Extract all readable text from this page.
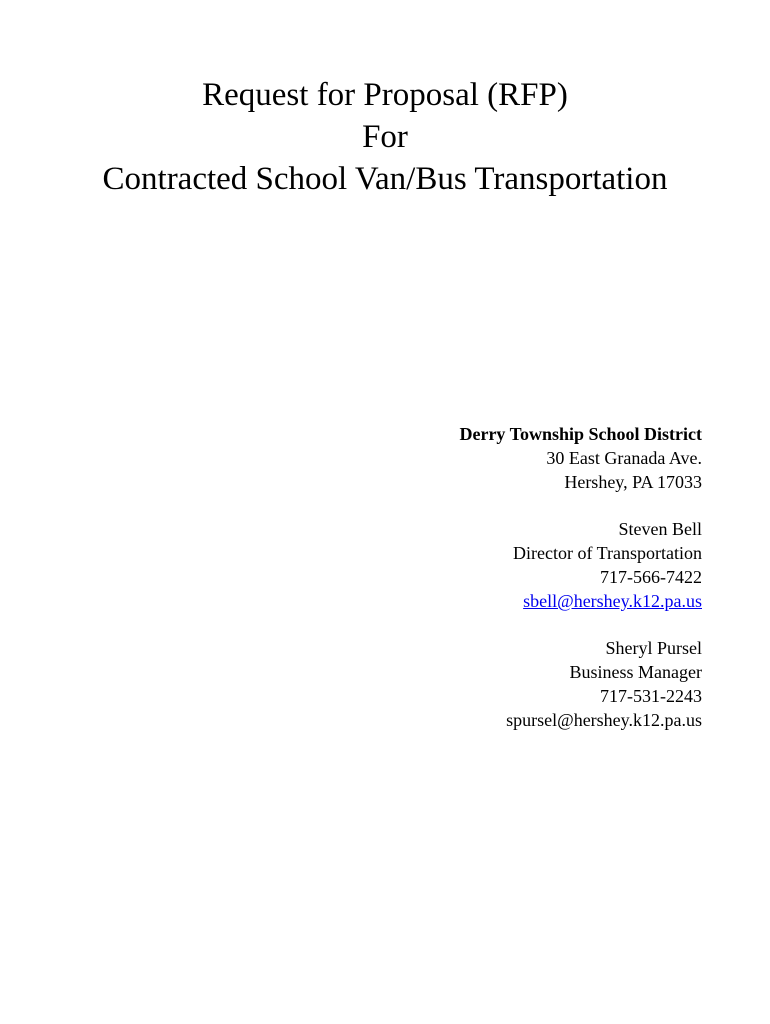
Request for Proposal (RFP)
For
Contracted School Van/Bus Transportation
Derry Township School District
30 East Granada Ave.
Hershey, PA 17033
Steven Bell
Director of Transportation
717-566-7422
sbell@hershey.k12.pa.us
Sheryl Pursel
Business Manager
717-531-2243
spursel@hershey.k12.pa.us
